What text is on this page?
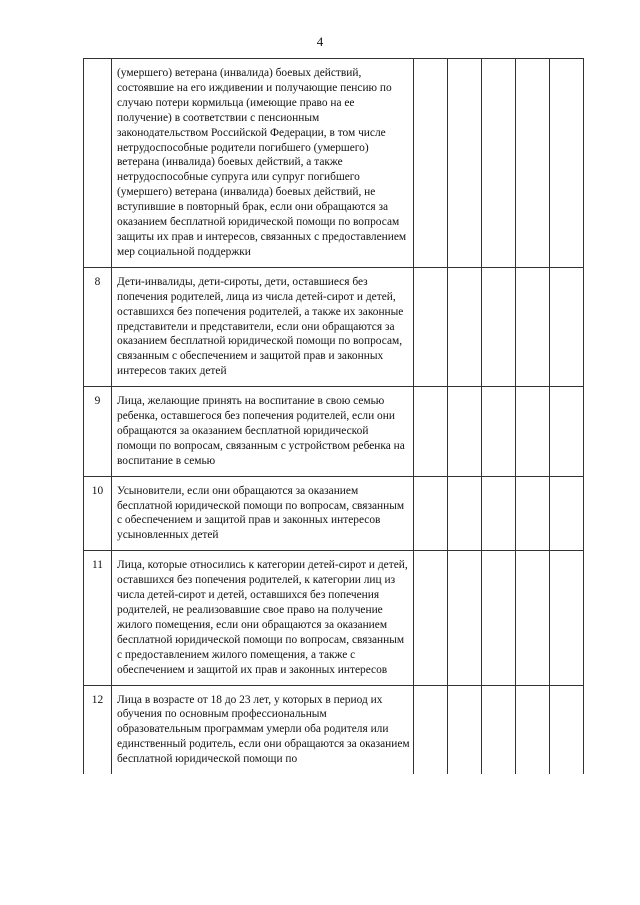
4
	(умершего) ветерана (инвалида) боевых действий, состоявшие на его иждивении и получающие пенсию по случаю потери кормильца (имеющие право на ее получение) в соответствии с пенсионным законодательством Российской Федерации, в том числе нетрудоспособные родители погибшего (умершего) ветерана (инвалида) боевых действий, а также нетрудоспособные супруга или супруг погибшего (умершего) ветерана (инвалида) боевых действий, не вступившие в повторный брак, если они обращаются за оказанием бесплатной юридической помощи по вопросам защиты их прав и интересов, связанных с предоставлением мер социальной поддержки					
8	Дети-инвалиды, дети-сироты, дети, оставшиеся без попечения родителей, лица из числа детей-сирот и детей, оставшихся без попечения родителей, а также их законные представители и представители, если они обращаются за оказанием бесплатной юридической помощи по вопросам, связанным с обеспечением и защитой прав и законных интересов таких детей					
9	Лица, желающие принять на воспитание в свою семью ребенка, оставшегося без попечения родителей, если они обращаются за оказанием бесплатной юридической помощи по вопросам, связанным с устройством ребенка на воспитание в семью					
10	Усыновители, если они обращаются за оказанием бесплатной юридической помощи по вопросам, связанным с обеспечением и защитой прав и законных интересов усыновленных детей					
11	Лица, которые относились к категории детей-сирот и детей, оставшихся без попечения родителей, к категории лиц из числа детей-сирот и детей, оставшихся без попечения родителей, не реализовавшие свое право на получение жилого помещения, если они обращаются за оказанием бесплатной юридической помощи по вопросам, связанным с предоставлением жилого помещения, а также с обеспечением и защитой их прав и законных интересов					
12	Лица в возрасте от 18 до 23 лет, у которых в период их обучения по основным профессиональным образовательным программам умерли оба родителя или единственный родитель, если они обращаются за оказанием бесплатной юридической помощи по					
